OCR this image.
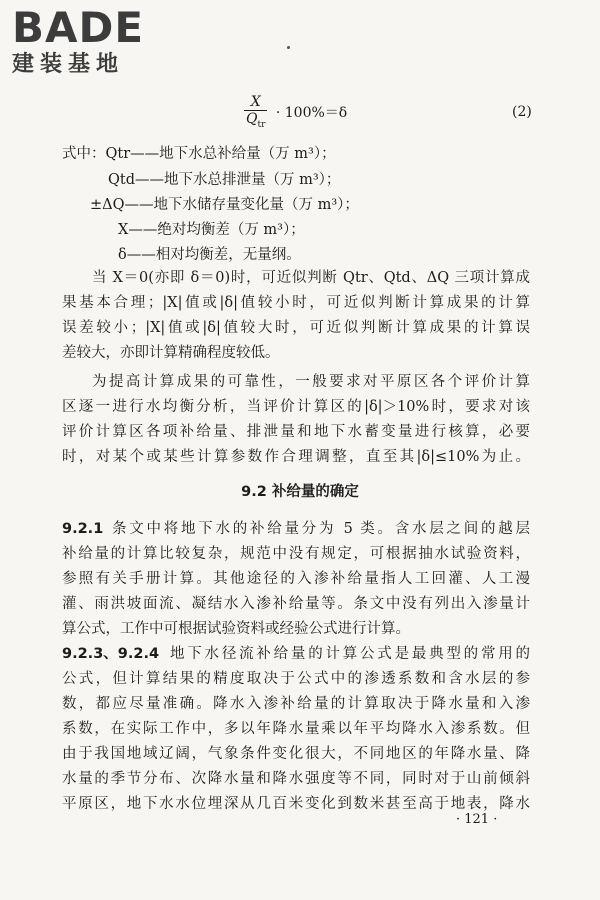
BADE
建装基地
$\frac{X}{Q_{tr}} \cdot 100\%=\delta$	(2)
式中：Qtr——地下水总补给量（万 m³）；
Qtd——地下水总排泄量（万 m³）；
±ΔQ——地下水储存量变化量（万 m³）；
X——绝对均衡差（万 m³）；
δ——相对均衡差，无量纲。
当 X＝0(亦即 δ＝0)时，可近似判断 Qtr、Qtd、ΔQ 三项计算成
果基本合理；|X|值或|δ|值较小时，可近似判断计算成果的计算
误差较小；|X|值或|δ|值较大时，可近似判断计算成果的计算误
差较大，亦即计算精确程度较低。
为提高计算成果的可靠性，一般要求对平原区各个评价计算
区逐一进行水均衡分析，当评价计算区的|δ|＞10%时，要求对该
评价计算区各项补给量、排泄量和地下水蓄变量进行核算，必要
时，对某个或某些计算参数作合理调整，直至其|δ|≤10%为止。
9.2 补给量的确定
9.2.1 条文中将地下水的补给量分为 5 类。含水层之间的越层
补给量的计算比较复杂，规范中没有规定，可根据抽水试验资料，
参照有关手册计算。其他途径的入渗补给量指人工回灌、人工漫
灌、雨洪坡面流、凝结水入渗补给量等。条文中没有列出入渗量计
算公式，工作中可根据试验资料或经验公式进行计算。
9.2.3、9.2.4 地下水径流补给量的计算公式是最典型的常用的
公式，但计算结果的精度取决于公式中的渗透系数和含水层的参
数，都应尽量准确。降水入渗补给量的计算取决于降水量和入渗
系数，在实际工作中，多以年降水量乘以年平均降水入渗系数。但
由于我国地域辽阔，气象条件变化很大，不同地区的年降水量、降
水量的季节分布、次降水量和降水强度等不同，同时对于山前倾斜
平原区，地下水水位埋深从几百米变化到数米甚至高于地表，降水
· 121 ·
